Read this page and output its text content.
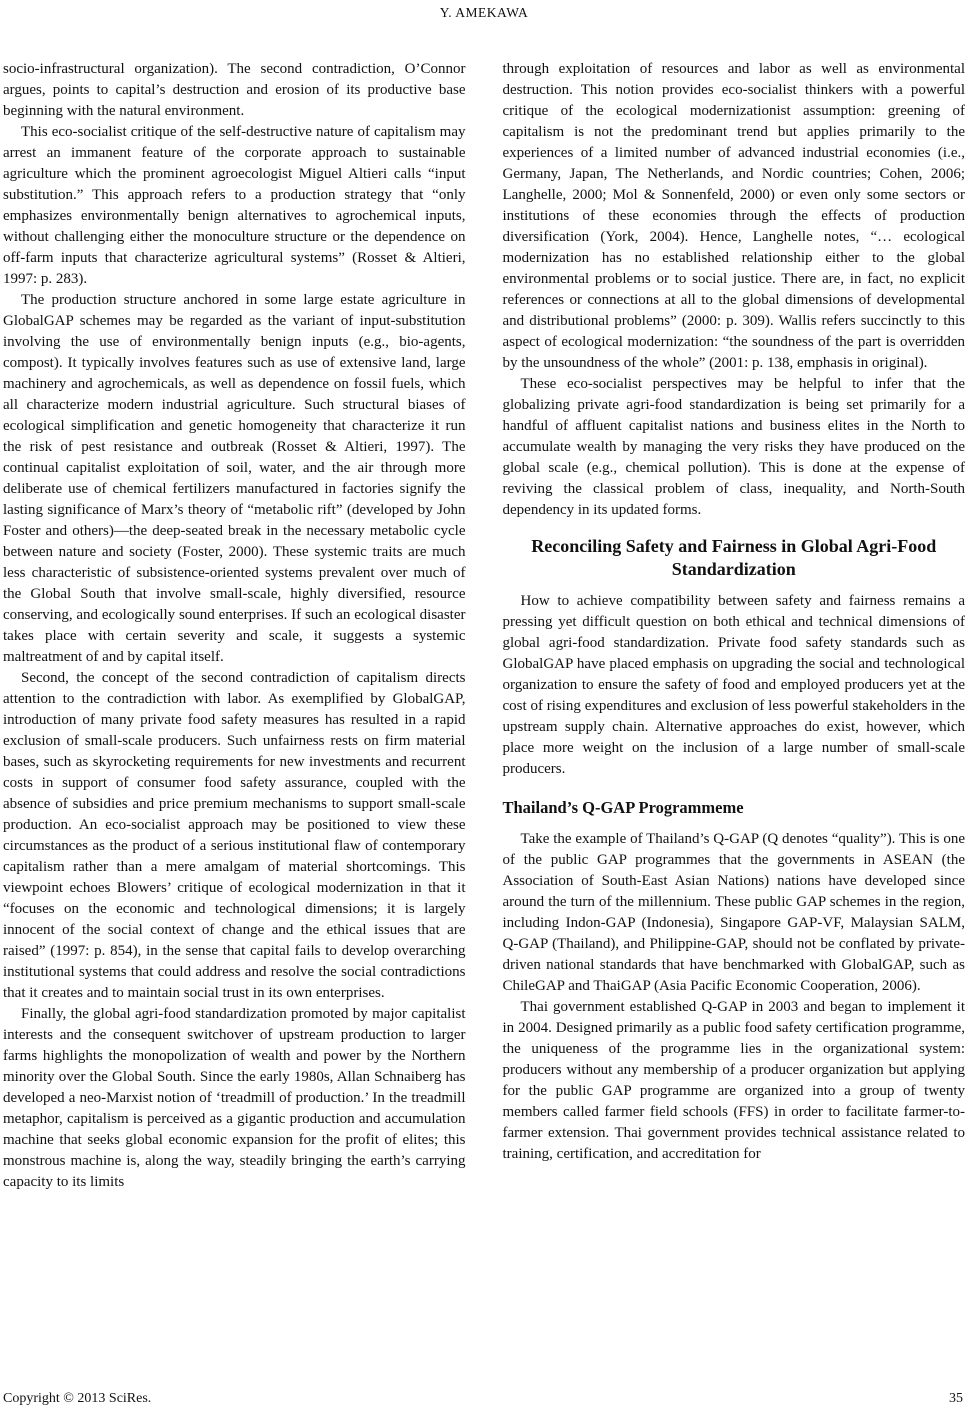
Y. AMEKAWA

socio-infrastructural organization). The second contradiction, O’Connor argues, points to capital’s destruction and erosion of its productive base beginning with the natural environment.

This eco-socialist critique of the self-destructive nature of capitalism may arrest an immanent feature of the corporate approach to sustainable agriculture which the prominent agroecologist Miguel Altieri calls “input substitution.” This approach refers to a production strategy that “only emphasizes environmentally benign alternatives to agrochemical inputs, without challenging either the monoculture structure or the dependence on off-farm inputs that characterize agricultural systems” (Rosset & Altieri, 1997: p. 283).

The production structure anchored in some large estate agriculture in GlobalGAP schemes may be regarded as the variant of input-substitution involving the use of environmentally benign inputs (e.g., bio-agents, compost). It typically involves features such as use of extensive land, large machinery and agrochemicals, as well as dependence on fossil fuels, which all characterize modern industrial agriculture. Such structural biases of ecological simplification and genetic homogeneity that characterize it run the risk of pest resistance and outbreak (Rosset & Altieri, 1997). The continual capitalist exploitation of soil, water, and the air through more deliberate use of chemical fertilizers manufactured in factories signify the lasting significance of Marx’s theory of “metabolic rift” (developed by John Foster and others)—the deep-seated break in the necessary metabolic cycle between nature and society (Foster, 2000). These systemic traits are much less characteristic of subsistence-oriented systems prevalent over much of the Global South that involve small-scale, highly diversified, resource conserving, and ecologically sound enterprises. If such an ecological disaster takes place with certain severity and scale, it suggests a systemic maltreatment of and by capital itself.

Second, the concept of the second contradiction of capitalism directs attention to the contradiction with labor. As exemplified by GlobalGAP, introduction of many private food safety measures has resulted in a rapid exclusion of small-scale producers. Such unfairness rests on firm material bases, such as skyrocketing requirements for new investments and recurrent costs in support of consumer food safety assurance, coupled with the absence of subsidies and price premium mechanisms to support small-scale production. An eco-socialist approach may be positioned to view these circumstances as the product of a serious institutional flaw of contemporary capitalism rather than a mere amalgam of material shortcomings. This viewpoint echoes Blowers’ critique of ecological modernization in that it “focuses on the economic and technological dimensions; it is largely innocent of the social context of change and the ethical issues that are raised” (1997: p. 854), in the sense that capital fails to develop overarching institutional systems that could address and resolve the social contradictions that it creates and to maintain social trust in its own enterprises.

Finally, the global agri-food standardization promoted by major capitalist interests and the consequent switchover of upstream production to larger farms highlights the monopolization of wealth and power by the Northern minority over the Global South. Since the early 1980s, Allan Schnaiberg has developed a neo-Marxist notion of ‘treadmill of production.’ In the treadmill metaphor, capitalism is perceived as a gigantic production and accumulation machine that seeks global economic expansion for the profit of elites; this monstrous machine is, along the way, steadily bringing the earth’s carrying capacity to its limits

through exploitation of resources and labor as well as environmental destruction. This notion provides eco-socialist thinkers with a powerful critique of the ecological modernizationist assumption: greening of capitalism is not the predominant trend but applies primarily to the experiences of a limited number of advanced industrial economies (i.e., Germany, Japan, The Netherlands, and Nordic countries; Cohen, 2006; Langhelle, 2000; Mol & Sonnenfeld, 2000) or even only some sectors or institutions of these economies through the effects of production diversification (York, 2004). Hence, Langhelle notes, “… ecological modernization has no established relationship either to the global environmental problems or to social justice. There are, in fact, no explicit references or connections at all to the global dimensions of developmental and distributional problems” (2000: p. 309). Wallis refers succinctly to this aspect of ecological modernization: “the soundness of the part is overridden by the unsoundness of the whole” (2001: p. 138, emphasis in original).

These eco-socialist perspectives may be helpful to infer that the globalizing private agri-food standardization is being set primarily for a handful of affluent capitalist nations and business elites in the North to accumulate wealth by managing the very risks they have produced on the global scale (e.g., chemical pollution). This is done at the expense of reviving the classical problem of class, inequality, and North-South dependency in its updated forms.

Reconciling Safety and Fairness in Global Agri-Food Standardization

How to achieve compatibility between safety and fairness remains a pressing yet difficult question on both ethical and technical dimensions of global agri-food standardization. Private food safety standards such as GlobalGAP have placed emphasis on upgrading the social and technological organization to ensure the safety of food and employed producers yet at the cost of rising expenditures and exclusion of less powerful stakeholders in the upstream supply chain. Alternative approaches do exist, however, which place more weight on the inclusion of a large number of small-scale producers.

Thailand’s Q-GAP Programmeme

Take the example of Thailand’s Q-GAP (Q denotes “quality”). This is one of the public GAP programmes that the governments in ASEAN (the Association of South-East Asian Nations) nations have developed since around the turn of the millennium. These public GAP schemes in the region, including Indon-GAP (Indonesia), Singapore GAP-VF, Malaysian SALM, Q-GAP (Thailand), and Philippine-GAP, should not be conflated by private-driven national standards that have benchmarked with GlobalGAP, such as ChileGAP and ThaiGAP (Asia Pacific Economic Cooperation, 2006).

Thai government established Q-GAP in 2003 and began to implement it in 2004. Designed primarily as a public food safety certification programme, the uniqueness of the programme lies in the organizational system: producers without any membership of a producer organization but applying for the public GAP programme are organized into a group of twenty members called farmer field schools (FFS) in order to facilitate farmer-to-farmer extension. Thai government provides technical assistance related to training, certification, and accreditation for

Copyright © 2013 SciRes.	35
